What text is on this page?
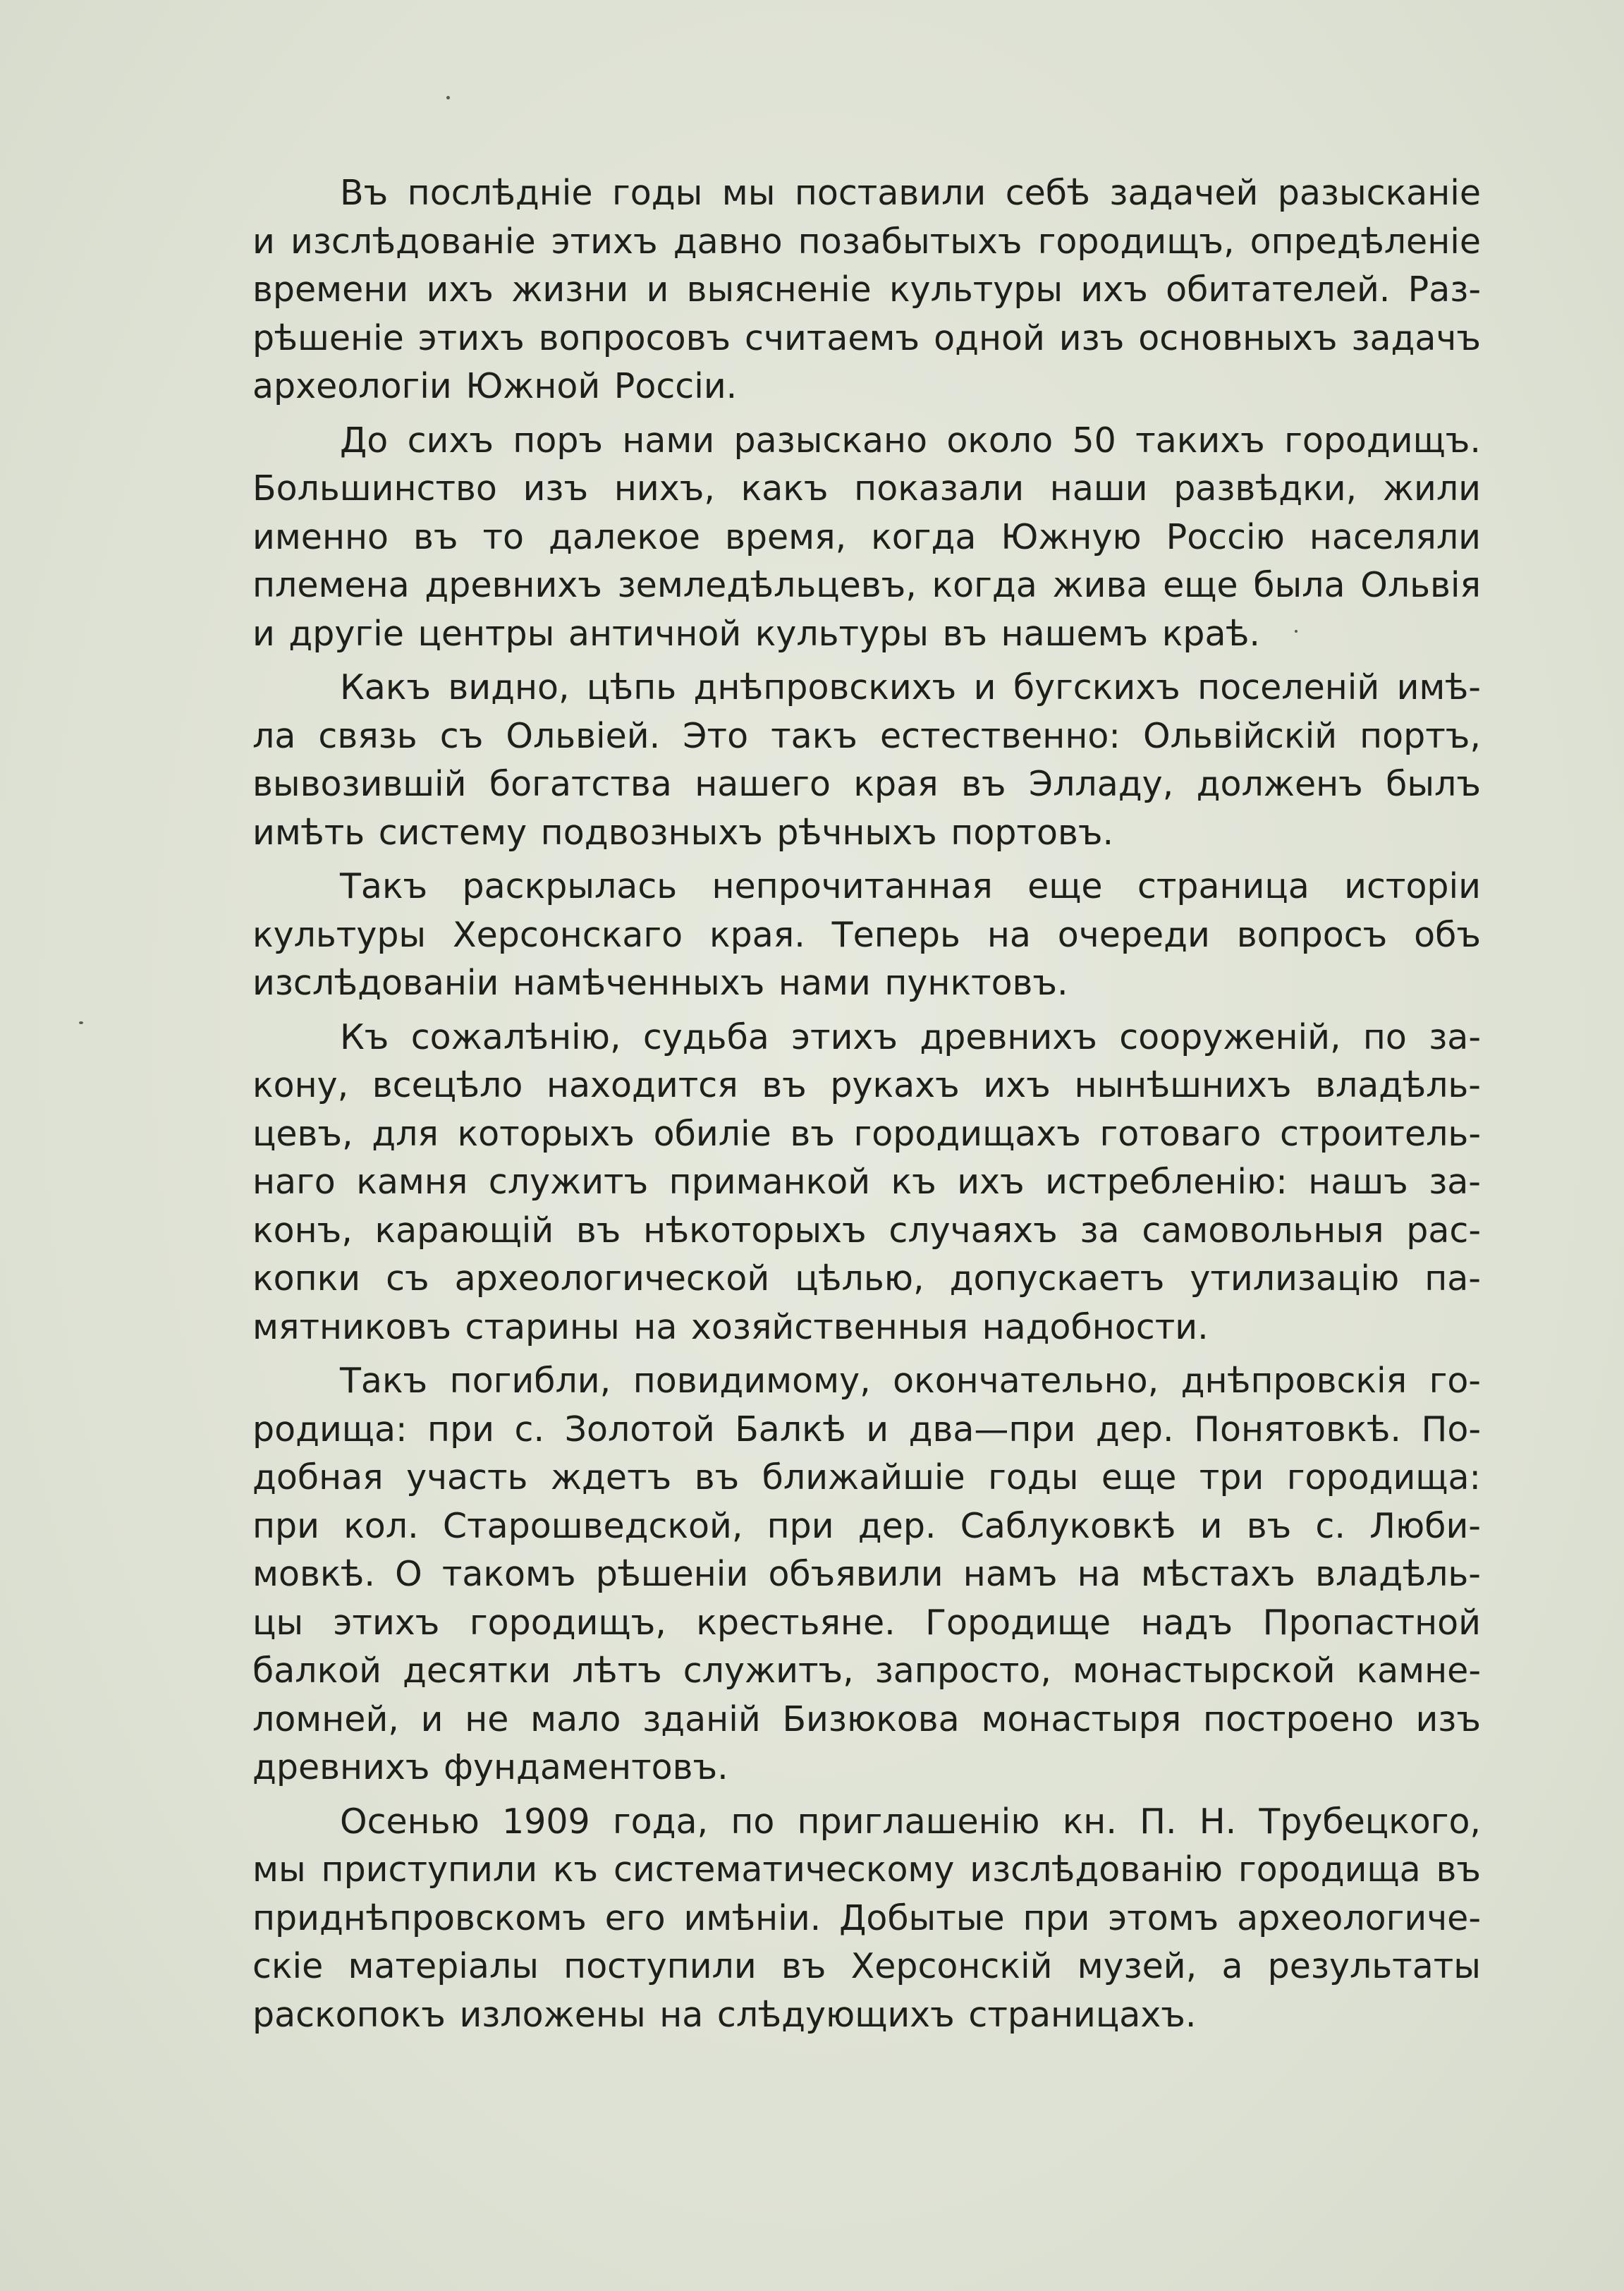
Въ послѣднiе годы мы поставили себѣ задачей разысканiе
и изслѣдованiе этихъ давно позабытыхъ городищъ, опредѣленiе
времени ихъ жизни и выясненiе культуры ихъ обитателей. Раз-
рѣшенiе этихъ вопросовъ считаемъ одной изъ основныхъ задачъ
археологiи Южной Россiи.

До сихъ поръ нами разыскано около 50 такихъ городищъ.
Большинство изъ нихъ, какъ показали наши развѣдки, жили
именно въ то далекое время, когда Южную Россiю населяли
племена древнихъ земледѣльцевъ, когда жива еще была Ольвiя
и другiе центры античной культуры въ нашемъ краѣ.

Какъ видно, цѣпь днѣпровскихъ и бугскихъ поселенiй имѣ-
ла связь съ Ольвiей. Это такъ естественно: Ольвiйскiй портъ,
вывозившiй богатства нашего края въ Элладу, долженъ былъ
имѣть систему подвозныхъ рѣчныхъ портовъ.

Такъ раскрылась непрочитанная еще страница исторiи
культуры Херсонскаго края. Теперь на очереди вопросъ объ
изслѣдованiи намѣченныхъ нами пунктовъ.

Къ сожалѣнiю, судьба этихъ древнихъ сооруженiй, по за-
кону, всецѣло находится въ рукахъ ихъ нынѣшнихъ владѣль-
цевъ, для которыхъ обилiе въ городищахъ готоваго строитель-
наго камня служитъ приманкой къ ихъ истребленiю: нашъ за-
конъ, карающiй въ нѣкоторыхъ случаяхъ за самовольныя рас-
копки съ археологической цѣлью, допускаетъ утилизацiю па-
мятниковъ старины на хозяйственныя надобности.

Такъ погибли, повидимому, окончательно, днѣпровскiя го-
родища: при с. Золотой Балкѣ и два—при дер. Понятовкѣ. По-
добная участь ждетъ въ ближайшiе годы еще три городища:
при кол. Старошведской, при дер. Саблуковкѣ и въ с. Люби-
мовкѣ. О такомъ рѣшенiи объявили намъ на мѣстахъ владѣль-
цы этихъ городищъ, крестьяне. Городище надъ Пропастной
балкой десятки лѣтъ служитъ, запросто, монастырской камне-
ломней, и не мало зданiй Бизюкова монастыря построено изъ
древнихъ фундаментовъ.

Осенью 1909 года, по приглашенiю кн. П. Н. Трубецкого,
мы приступили къ систематическому изслѣдованiю городища въ
приднѣпровскомъ его имѣнiи. Добытые при этомъ археологиче-
скiе матерiалы поступили въ Херсонскiй музей, а результаты
раскопокъ изложены на слѣдующихъ страницахъ.
